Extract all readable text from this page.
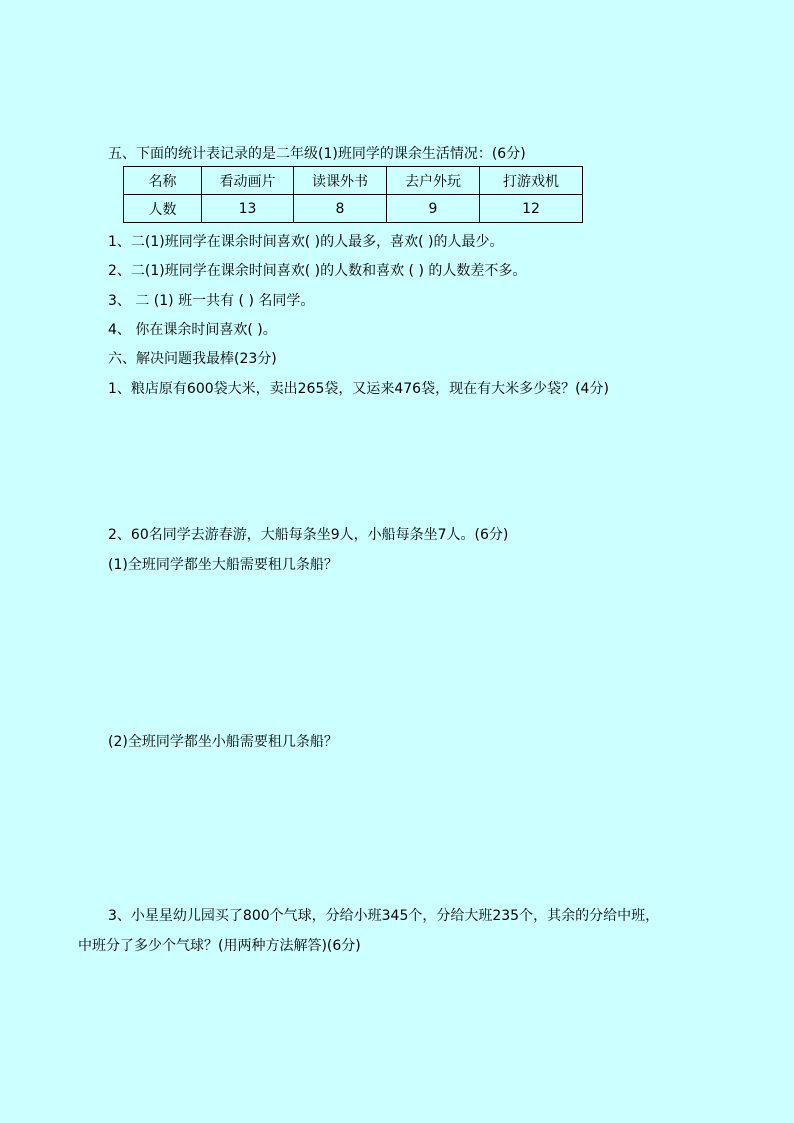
五、下面的统计表记录的是二年级(1)班同学的课余生活情况：(6分)
名称	看动画片	读课外书	去户外玩	打游戏机
人数	13	8	9	12
1、二(1)班同学在课余时间喜欢( )的人最多，喜欢( )的人最少。
2、二(1)班同学在课余时间喜欢( )的人数和喜欢 ( ) 的人数差不多。
3、 二 (1) 班一共有 ( ) 名同学。
4、 你在课余时间喜欢( )。
六、解决问题我最棒(23分)
1、粮店原有600袋大米，卖出265袋，又运来476袋，现在有大米多少袋？(4分)
2、60名同学去游春游，大船每条坐9人，小船每条坐7人。(6分)
(1)全班同学都坐大船需要租几条船？
(2)全班同学都坐小船需要租几条船？
3、小星星幼儿园买了800个气球，分给小班345个，分给大班235个，其余的分给中班，
中班分了多少个气球？(用两种方法解答)(6分)
